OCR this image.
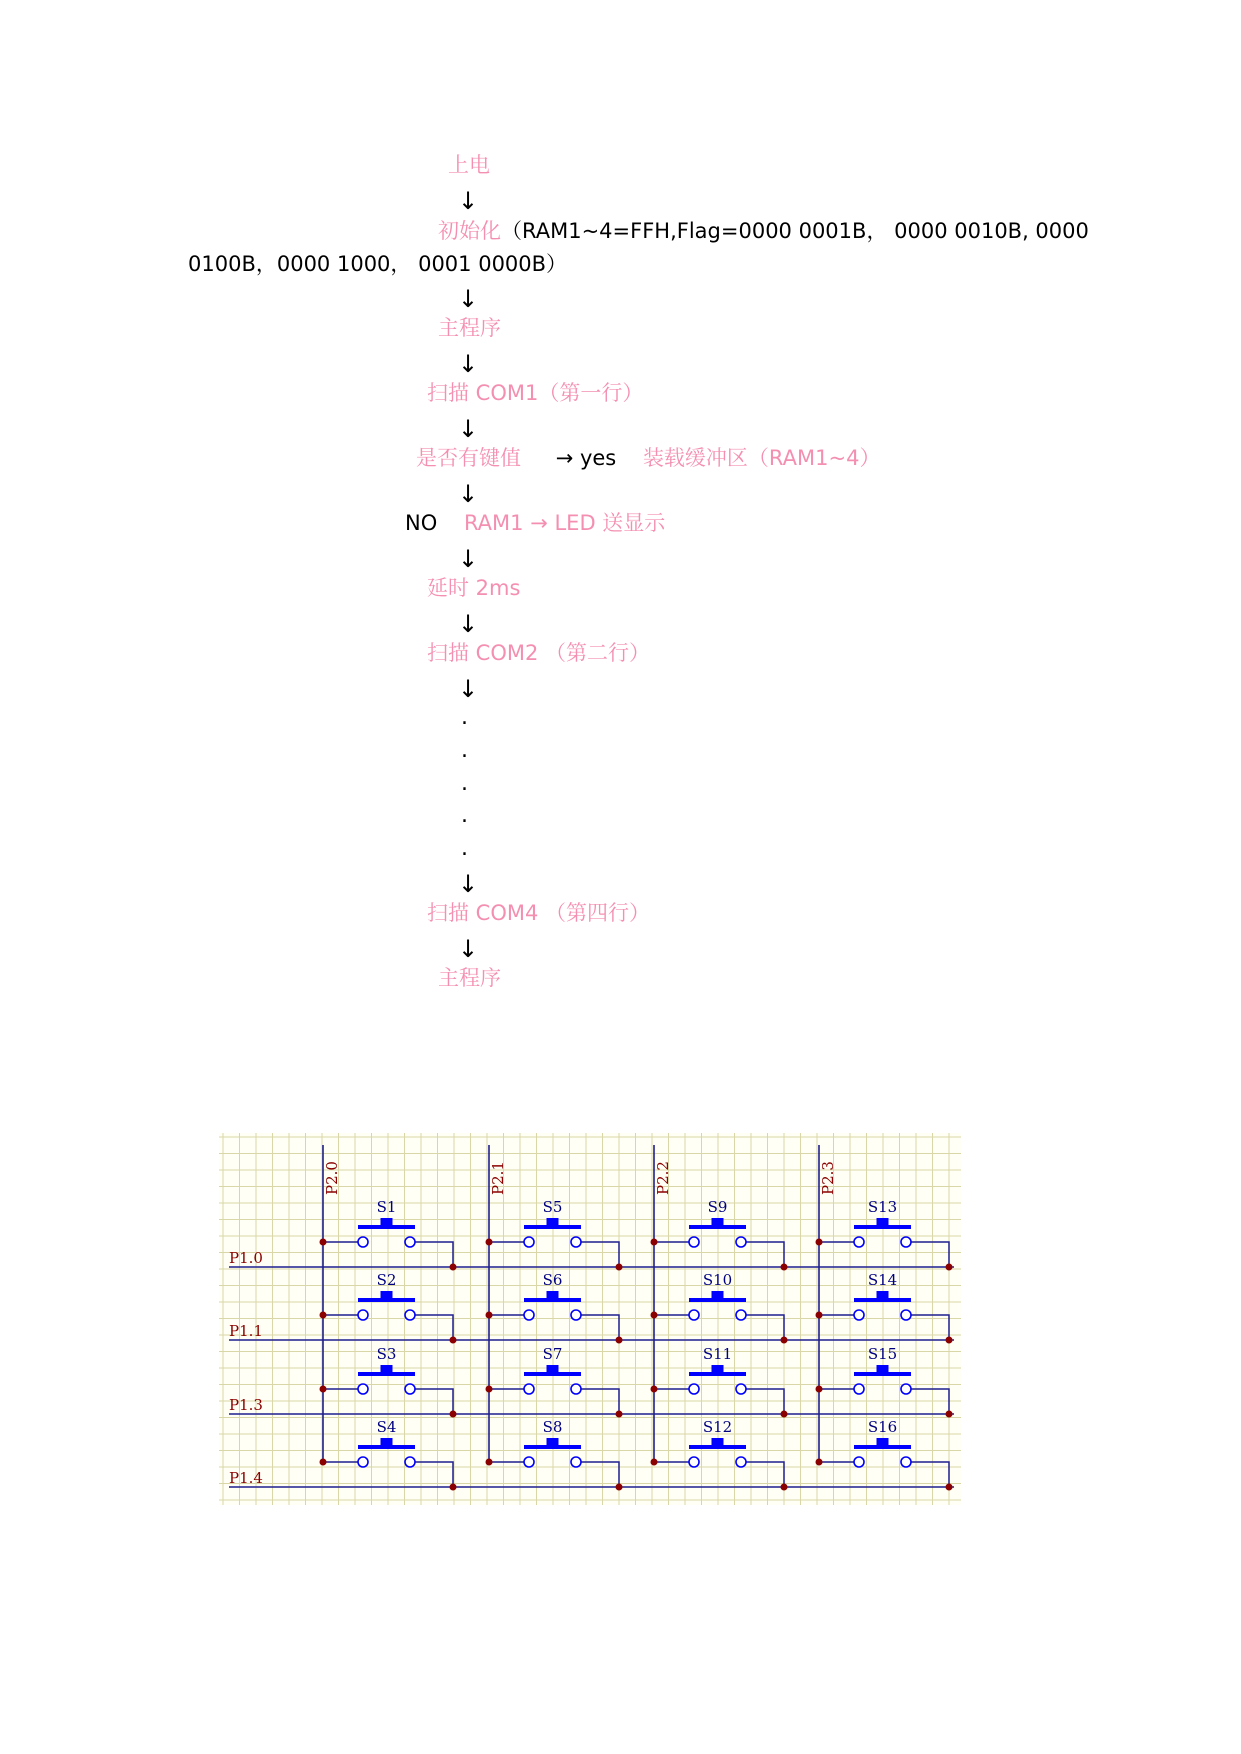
上电
↓
初始化（RAM1~4=FFH,Flag=0000 0001B， 0000 0010B, 0000
0100B，0000 1000， 0001 0000B）
↓
主程序
↓
扫描 COM1（第一行）
↓
是否有键值 → yes 装载缓冲区（RAM1~4）
↓
NO RAM1 → LED 送显示
↓
延时 2ms
↓
扫描 COM2 （第二行）
↓
.
.
.
.
.
↓
扫描 COM4 （第四行）
↓
主程序
P1.0
P1.1
P1.3
P1.4
P2.0	P2.1	P2.2	P2.3
S1
S2
S3
S4
S5
S6
S7
S8
S9
S10
S11
S12
S13
S14
S15
S16
